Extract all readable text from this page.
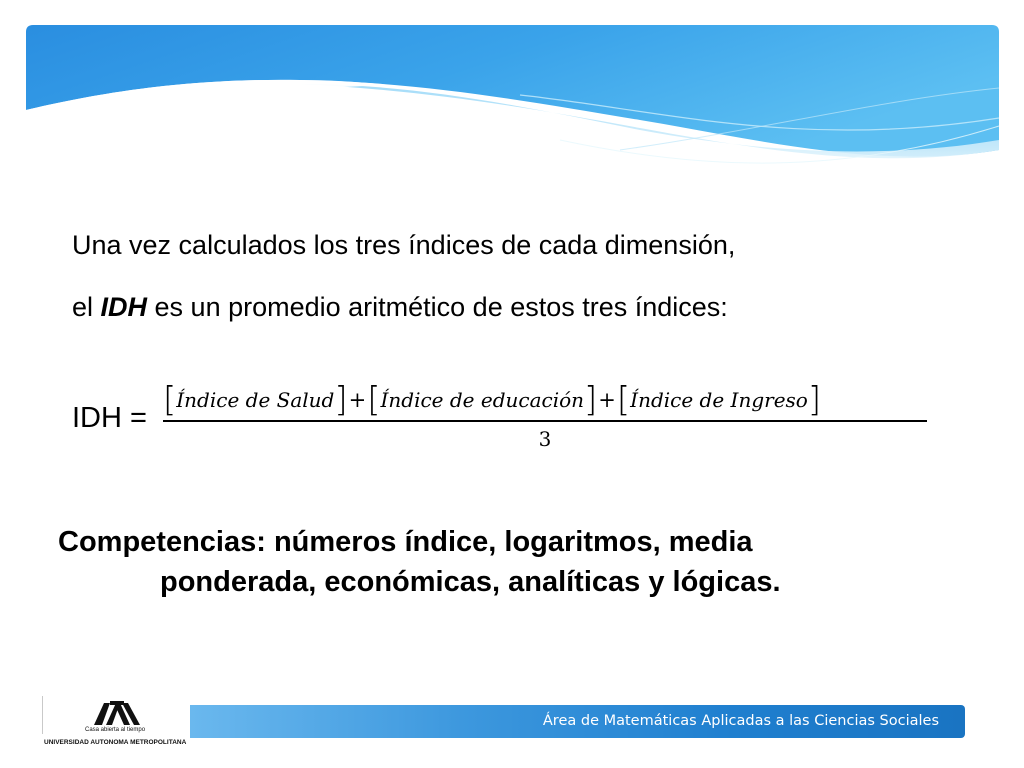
Una vez calculados los tres índices de cada dimensión,
el IDH es un promedio aritmético de estos tres índices:
IDH = [Índice de Salud]+[Índice de educación]+[Índice de Ingreso]
3
Competencias: números índice, logaritmos, media
ponderada, económicas, analíticas y lógicas.
Casa abierta al tiempo
UNIVERSIDAD AUTONOMA METROPOLITANA
Área de Matemáticas Aplicadas a las Ciencias Sociales
